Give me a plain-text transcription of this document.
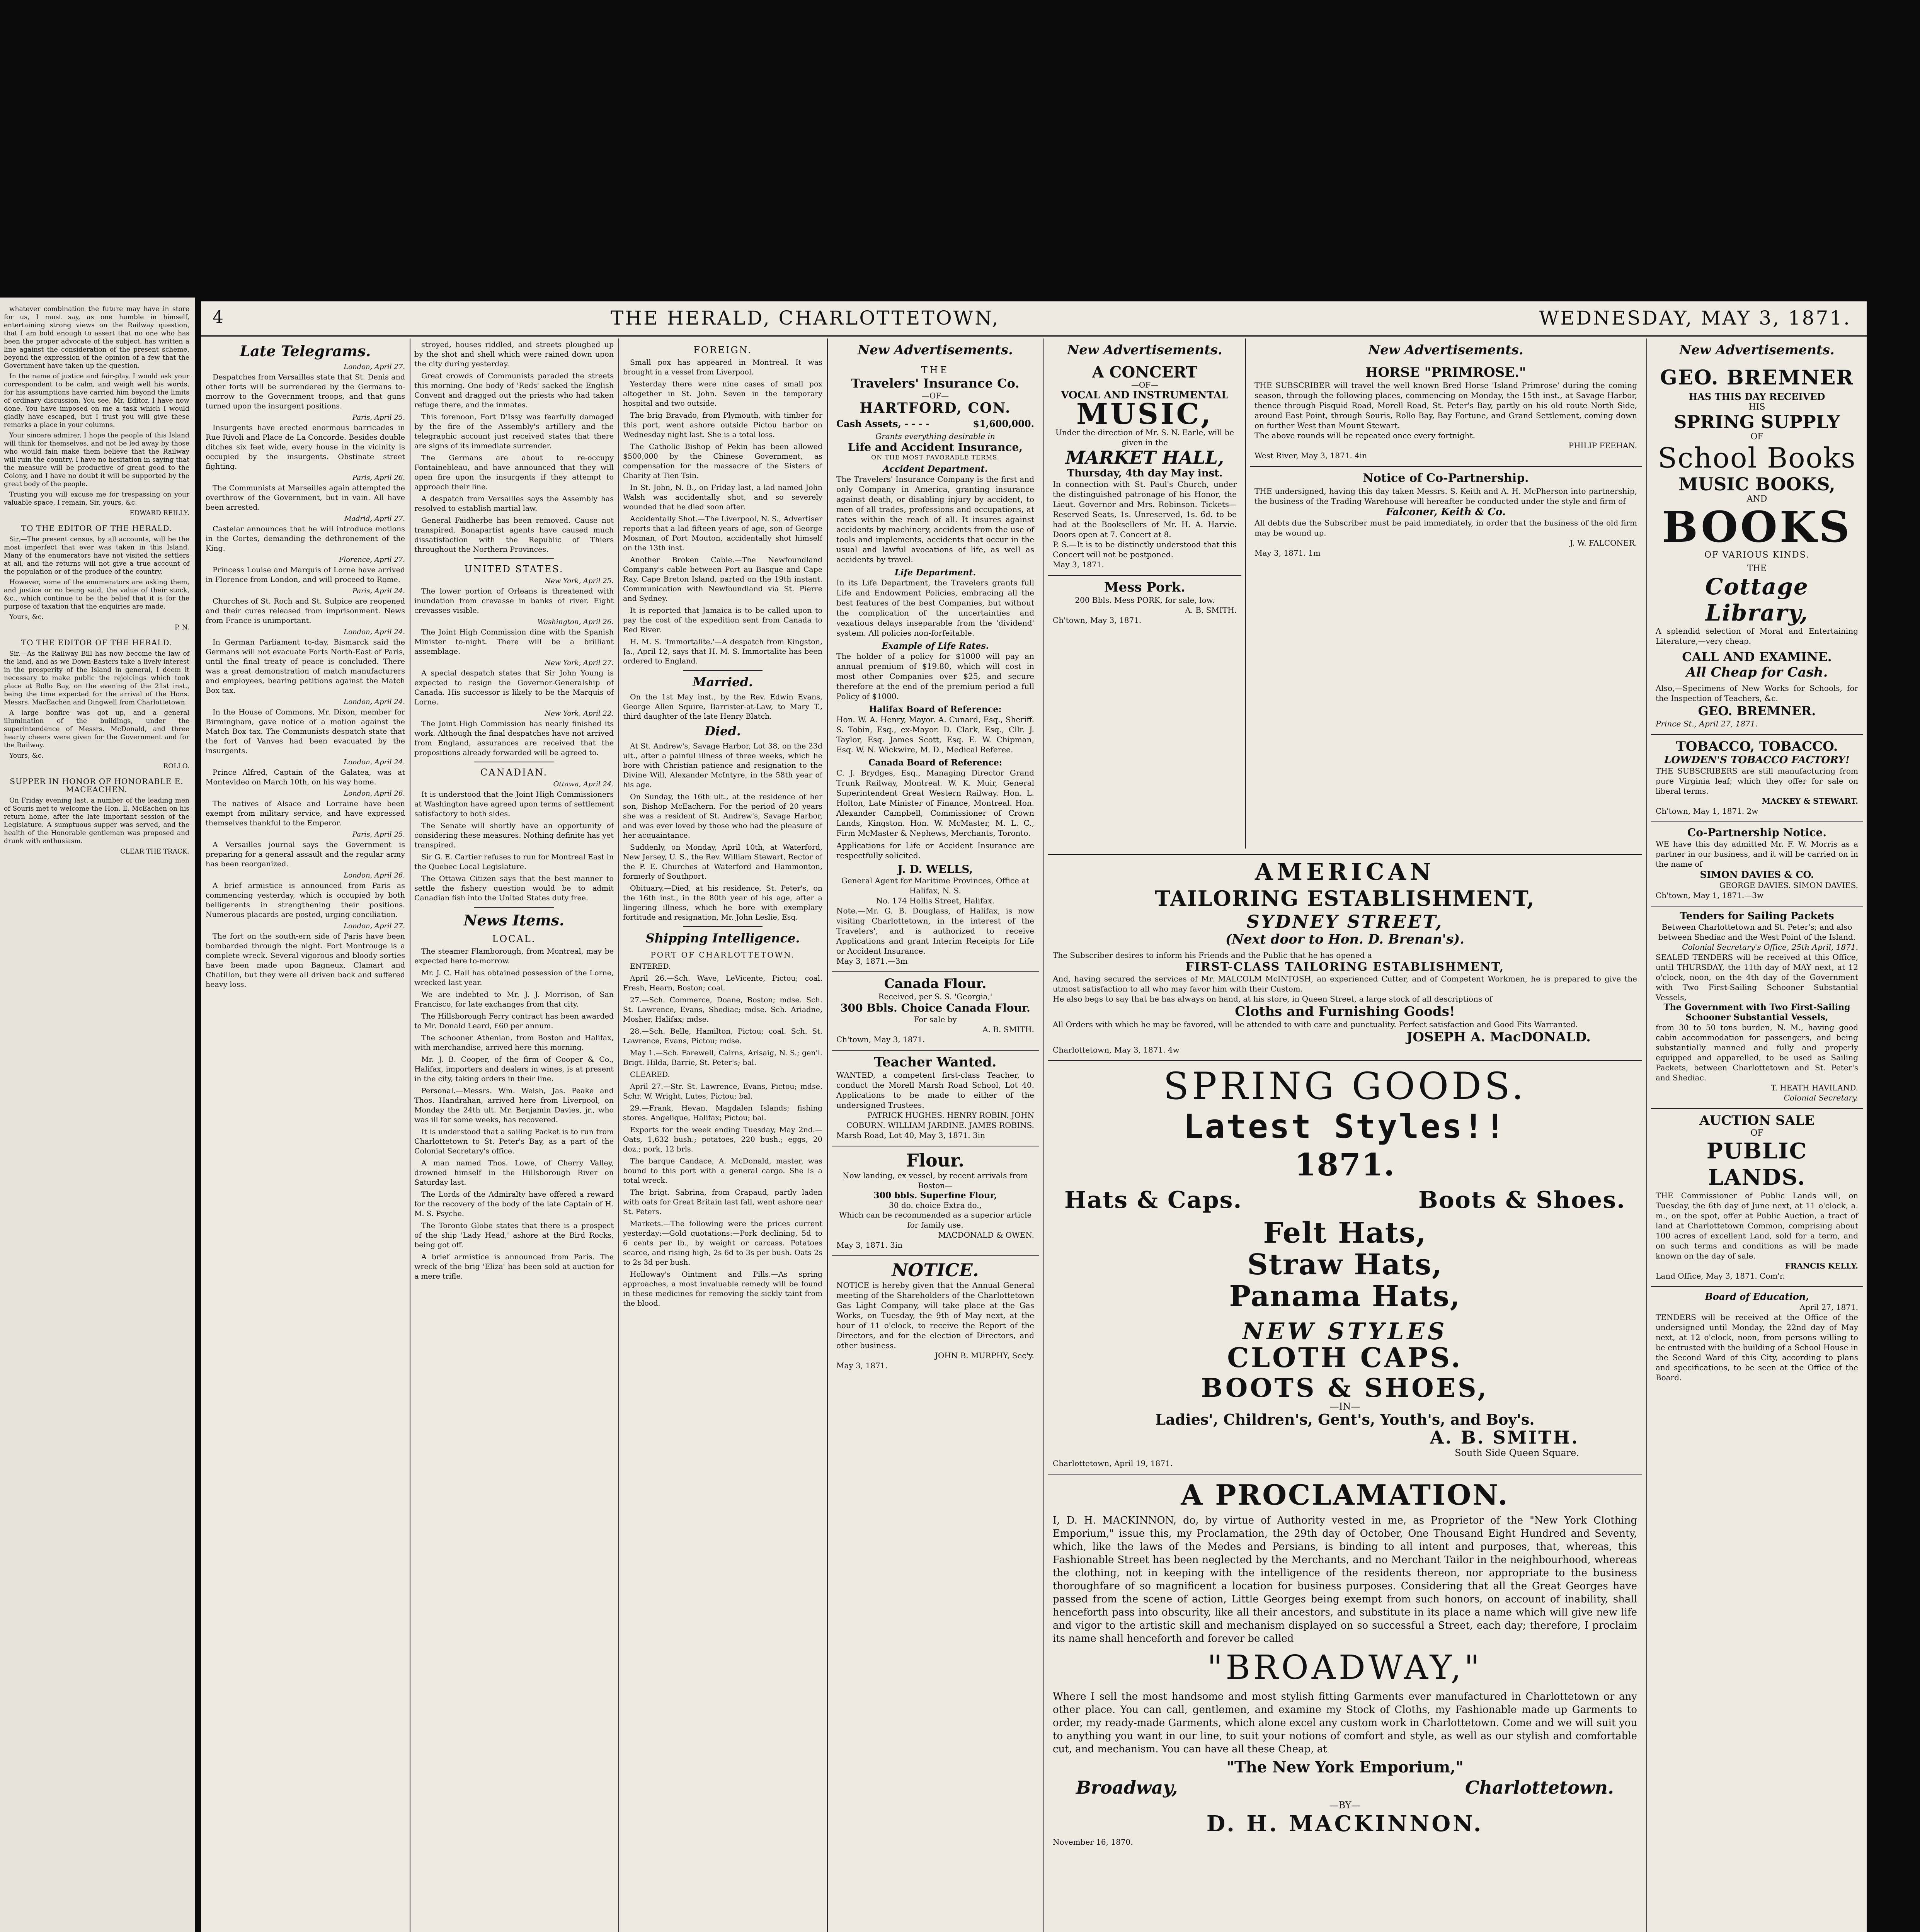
whatever combination the future may have in store for us, I must say, as one humble in himself, entertaining strong views on the Railway question, that I am bold enough to assert that no one who has been the proper advocate of the subject, has written a line against the consideration of the present scheme, beyond the expression of the opinion of a few that the Government have taken up the question.

In the name of justice and fair-play, I would ask your correspondent to be calm, and weigh well his words, for his assumptions have carried him beyond the limits of ordinary discussion. You see, Mr. Editor, I have now done. You have imposed on me a task which I would gladly have escaped, but I trust you will give these remarks a place in your columns.

Your sincere admirer, I hope the people of this Island will think for themselves, and not be led away by those who would fain make them believe that the Railway will ruin the country. I have no hesitation in saying that the measure will be productive of great good to the Colony, and I have no doubt it will be supported by the great body of the people.

Trusting you will excuse me for trespassing on your valuable space, I remain, Sir, yours, &c.

EDWARD REILLY.

TO THE EDITOR OF THE HERALD.

Sir,—The present census, by all accounts, will be the most imperfect that ever was taken in this Island. Many of the enumerators have not visited the settlers at all, and the returns will not give a true account of the population or of the produce of the country.

However, some of the enumerators are asking them, and justice or no being said, the value of their stock, &c., which continue to be the belief that it is for the purpose of taxation that the enquiries are made.

Yours, &c.

P. N.

TO THE EDITOR OF THE HERALD.

Sir,—As the Railway Bill has now become the law of the land, and as we Down-Easters take a lively interest in the prosperity of the Island in general, I deem it necessary to make public the rejoicings which took place at Rollo Bay, on the evening of the 21st inst., being the time expected for the arrival of the Hons. Messrs. MacEachen and Dingwell from Charlottetown.

A large bonfire was got up, and a general illumination of the buildings, under the superintendence of Messrs. McDonald, and three hearty cheers were given for the Government and for the Railway.

Yours, &c.

ROLLO.

SUPPER IN HONOR OF HONORABLE E. MACEACHEN.

On Friday evening last, a number of the leading men of Souris met to welcome the Hon. E. McEachen on his return home, after the late important session of the Legislature. A sumptuous supper was served, and the health of the Honorable gentleman was proposed and drunk with enthusiasm.

CLEAR THE TRACK.

4	THE HERALD, CHARLOTTETOWN,	WEDNESDAY, MAY 3, 1871.
Late Telegrams.
London, April 27.

Despatches from Versailles state that St. Denis and other forts will be surrendered by the Germans to-morrow to the Government troops, and that guns turned upon the insurgent positions.

Paris, April 25.

Insurgents have erected enormous barricades in Rue Rivoli and Place de La Concorde. Besides double ditches six feet wide, every house in the vicinity is occupied by the insurgents. Obstinate street fighting.

Paris, April 26.

The Communists at Marseilles again attempted the overthrow of the Government, but in vain. All have been arrested.

Madrid, April 27.

Castelar announces that he will introduce motions in the Cortes, demanding the dethronement of the King.

Florence, April 27.

Princess Louise and Marquis of Lorne have arrived in Florence from London, and will proceed to Rome.

Paris, April 24.

Churches of St. Roch and St. Sulpice are reopened and their cures released from imprisonment. News from France is unimportant.

London, April 24.

In German Parliament to-day, Bismarck said the Germans will not evacuate Forts North-East of Paris, until the final treaty of peace is concluded. There was a great demonstration of match manufacturers and employees, bearing petitions against the Match Box tax.

London, April 24.

In the House of Commons, Mr. Dixon, member for Birmingham, gave notice of a motion against the Match Box tax. The Communists despatch state that the fort of Vanves had been evacuated by the insurgents.

London, April 24.

Prince Alfred, Captain of the Galatea, was at Montevideo on March 10th, on his way home.

London, April 26.

The natives of Alsace and Lorraine have been exempt from military service, and have expressed themselves thankful to the Emperor.

Paris, April 25.

A Versailles journal says the Government is preparing for a general assault and the regular army has been reorganized.

London, April 26.

A brief armistice is announced from Paris as commencing yesterday, which is occupied by both belligerents in strengthening their positions. Numerous placards are posted, urging conciliation.

London, April 27.

The fort on the south-ern side of Paris have been bombarded through the night. Fort Montrouge is a complete wreck. Several vigorous and bloody sorties have been made upon Bagneux, Clamart and Chatillon, but they were all driven back and suffered heavy loss.

stroyed, houses riddled, and streets ploughed up by the shot and shell which were rained down upon the city during yesterday.

Great crowds of Communists paraded the streets this morning. One body of 'Reds' sacked the English Convent and dragged out the priests who had taken refuge there, and the inmates.

This forenoon, Fort D'Issy was fearfully damaged by the fire of the Assembly's artillery and the telegraphic account just received states that there are signs of its immediate surrender.

The Germans are about to re-occupy Fontainebleau, and have announced that they will open fire upon the insurgents if they attempt to approach their line.

A despatch from Versailles says the Assembly has resolved to establish martial law.

General Faidherbe has been removed. Cause not transpired. Bonapartist agents have caused much dissatisfaction with the Republic of Thiers throughout the Northern Provinces.

UNITED STATES.
New York, April 25.

The lower portion of Orleans is threatened with inundation from crevasse in banks of river. Eight crevasses visible.

Washington, April 26.

The Joint High Commission dine with the Spanish Minister to-night. There will be a brilliant assemblage.

New York, April 27.

A special despatch states that Sir John Young is expected to resign the Governor-Generalship of Canada. His successor is likely to be the Marquis of Lorne.

New York, April 22.

The Joint High Commission has nearly finished its work. Although the final despatches have not arrived from England, assurances are received that the propositions already forwarded will be agreed to.

CANADIAN.
Ottawa, April 24.

It is understood that the Joint High Commissioners at Washington have agreed upon terms of settlement satisfactory to both sides.

The Senate will shortly have an opportunity of considering these measures. Nothing definite has yet transpired.

Sir G. E. Cartier refuses to run for Montreal East in the Quebec Local Legislature.

The Ottawa Citizen says that the best manner to settle the fishery question would be to admit Canadian fish into the United States duty free.

News Items.
LOCAL.

The steamer Flamborough, from Montreal, may be expected here to-morrow.

Mr. J. C. Hall has obtained possession of the Lorne, wrecked last year.

We are indebted to Mr. J. J. Morrison, of San Francisco, for late exchanges from that city.

The Hillsborough Ferry contract has been awarded to Mr. Donald Leard, £60 per annum.

The schooner Athenian, from Boston and Halifax, with merchandise, arrived here this morning.

Mr. J. B. Cooper, of the firm of Cooper & Co., Halifax, importers and dealers in wines, is at present in the city, taking orders in their line.

Personal.—Messrs. Wm. Welsh, Jas. Peake and Thos. Handrahan, arrived here from Liverpool, on Monday the 24th ult. Mr. Benjamin Davies, jr., who was ill for some weeks, has recovered.

It is understood that a sailing Packet is to run from Charlottetown to St. Peter's Bay, as a part of the Colonial Secretary's office.

A man named Thos. Lowe, of Cherry Valley, drowned himself in the Hillsborough River on Saturday last.

The Lords of the Admiralty have offered a reward for the recovery of the body of the late Captain of H. M. S. Psyche.

The Toronto Globe states that there is a prospect of the ship 'Lady Head,' ashore at the Bird Rocks, being got off.

A brief armistice is announced from Paris. The wreck of the brig 'Eliza' has been sold at auction for a mere trifle.

FOREIGN.

Small pox has appeared in Montreal. It was brought in a vessel from Liverpool.

Yesterday there were nine cases of small pox altogether in St. John. Seven in the temporary hospital and two outside.

The brig Bravado, from Plymouth, with timber for this port, went ashore outside Pictou harbor on Wednesday night last. She is a total loss.

The Catholic Bishop of Pekin has been allowed $500,000 by the Chinese Government, as compensation for the massacre of the Sisters of Charity at Tien Tsin.

In St. John, N. B., on Friday last, a lad named John Walsh was accidentally shot, and so severely wounded that he died soon after.

Accidentally Shot.—The Liverpool, N. S., Advertiser reports that a lad fifteen years of age, son of George Mosman, of Port Mouton, accidentally shot himself on the 13th inst.

Another Broken Cable.—The Newfoundland Company's cable between Port au Basque and Cape Ray, Cape Breton Island, parted on the 19th instant. Communication with Newfoundland via St. Pierre and Sydney.

It is reported that Jamaica is to be called upon to pay the cost of the expedition sent from Canada to Red River.

H. M. S. 'Immortalite.'—A despatch from Kingston, Ja., April 12, says that H. M. S. Immortalite has been ordered to England.

Married.

On the 1st May inst., by the Rev. Edwin Evans, George Allen Squire, Barrister-at-Law, to Mary T., third daughter of the late Henry Blatch.

Died.

At St. Andrew's, Savage Harbor, Lot 38, on the 23d ult., after a painful illness of three weeks, which he bore with Christian patience and resignation to the Divine Will, Alexander McIntyre, in the 58th year of his age.

On Sunday, the 16th ult., at the residence of her son, Bishop McEachern. For the period of 20 years she was a resident of St. Andrew's, Savage Harbor, and was ever loved by those who had the pleasure of her acquaintance.

Suddenly, on Monday, April 10th, at Waterford, New Jersey, U. S., the Rev. William Stewart, Rector of the P. E. Churches at Waterford and Hammonton, formerly of Southport.

Obituary.—Died, at his residence, St. Peter's, on the 16th inst., in the 80th year of his age, after a lingering illness, which he bore with exemplary fortitude and resignation, Mr. John Leslie, Esq.

Shipping Intelligence.
PORT OF CHARLOTTETOWN.

ENTERED.

April 26.—Sch. Wave, LeVicente, Pictou; coal. Fresh, Hearn, Boston; coal.

27.—Sch. Commerce, Doane, Boston; mdse. Sch. St. Lawrence, Evans, Shediac; mdse. Sch. Ariadne, Mosher, Halifax; mdse.

28.—Sch. Belle, Hamilton, Pictou; coal. Sch. St. Lawrence, Evans, Pictou; mdse.

May 1.—Sch. Farewell, Cairns, Arisaig, N. S.; gen'l. Brigt. Hilda, Barrie, St. Peter's; bal.

CLEARED.

April 27.—Str. St. Lawrence, Evans, Pictou; mdse. Schr. W. Wright, Lutes, Pictou; bal.

29.—Frank, Hevan, Magdalen Islands; fishing stores. Angelique, Halifax; Pictou; bal.

Exports for the week ending Tuesday, May 2nd.—Oats, 1,632 bush.; potatoes, 220 bush.; eggs, 20 doz.; pork, 12 brls.

The barque Candace, A. McDonald, master, was bound to this port with a general cargo. She is a total wreck.

The brigt. Sabrina, from Crapaud, partly laden with oats for Great Britain last fall, went ashore near St. Peters.

Markets.—The following were the prices current yesterday:—Gold quotations:—Pork declining, 5d to 6 cents per lb., by weight or carcass. Potatoes scarce, and rising high, 2s 6d to 3s per bush. Oats 2s to 2s 3d per bush.

Holloway's Ointment and Pills.—As spring approaches, a most invaluable remedy will be found in these medicines for removing the sickly taint from the blood.

New Advertisements.
THE
Travelers' Insurance Co.
—OF—
HARTFORD, CON.
Cash Assets, - - - -	$1,600,000.
Grants everything desirable in
Life and Accident Insurance,
ON THE MOST FAVORABLE TERMS.
Accident Department.
The Travelers' Insurance Company is the first and only Company in America, granting insurance against death, or disabling injury by accident, to men of all trades, professions and occupations, at rates within the reach of all. It insures against accidents by machinery, accidents from the use of tools and implements, accidents that occur in the usual and lawful avocations of life, as well as accidents by travel.
Life Department.
In its Life Department, the Travelers grants full Life and Endowment Policies, embracing all the best features of the best Companies, but without the complication of the uncertainties and vexatious delays inseparable from the 'dividend' system. All policies non-forfeitable.
Example of Life Rates.
The holder of a policy for $1000 will pay an annual premium of $19.80, which will cost in most other Companies over $25, and secure therefore at the end of the premium period a full Policy of $1000.
Halifax Board of Reference:
Hon. W. A. Henry, Mayor. A. Cunard, Esq., Sheriff. S. Tobin, Esq., ex-Mayor. D. Clark, Esq., Cllr. J. Taylor, Esq. James Scott, Esq. E. W. Chipman, Esq. W. N. Wickwire, M. D., Medical Referee.
Canada Board of Reference:
C. J. Brydges, Esq., Managing Director Grand Trunk Railway, Montreal. W. K. Muir, General Superintendent Great Western Railway. Hon. L. Holton, Late Minister of Finance, Montreal. Hon. Alexander Campbell, Commissioner of Crown Lands, Kingston. Hon. W. McMaster, M. L. C., Firm McMaster & Nephews, Merchants, Toronto.
Applications for Life or Accident Insurance are respectfully solicited.
J. D. WELLS,
General Agent for Maritime Provinces, Office at Halifax, N. S.
No. 174 Hollis Street, Halifax.
Note.—Mr. G. B. Douglass, of Halifax, is now visiting Charlottetown, in the interest of the Travelers', and is authorized to receive Applications and grant Interim Receipts for Life or Accident Insurance.
May 3, 1871.—3m
Canada Flour.
Received, per S. S. 'Georgia,'
300 Bbls. Choice Canada Flour.
For sale by
A. B. SMITH.
Ch'town, May 3, 1871.
Teacher Wanted.
WANTED, a competent first-class Teacher, to conduct the Morell Marsh Road School, Lot 40. Applications to be made to either of the undersigned Trustees.
PATRICK HUGHES. HENRY ROBIN. JOHN COBURN. WILLIAM JARDINE. JAMES ROBINS.
Marsh Road, Lot 40, May 3, 1871. 3in
Flour.
Now landing, ex vessel, by recent arrivals from Boston—
300 bbls. Superfine Flour,
30 do. choice Extra do.,
Which can be recommended as a superior article for family use.
MACDONALD & OWEN.
May 3, 1871. 3in
NOTICE.
NOTICE is hereby given that the Annual General meeting of the Shareholders of the Charlottetown Gas Light Company, will take place at the Gas Works, on Tuesday, the 9th of May next, at the hour of 11 o'clock, to receive the Report of the Directors, and for the election of Directors, and other business.
JOHN B. MURPHY, Sec'y.
May 3, 1871.
New Advertisements.
A CONCERT
—OF—
VOCAL AND INSTRUMENTAL
MUSIC,
Under the direction of Mr. S. N. Earle, will be given in the
MARKET HALL,
Thursday, 4th day May inst.
In connection with St. Paul's Church, under the distinguished patronage of his Honor, the Lieut. Governor and Mrs. Robinson. Tickets—Reserved Seats, 1s. Unreserved, 1s. 6d. to be had at the Booksellers of Mr. H. A. Harvie. Doors open at 7. Concert at 8.
P. S.—It is to be distinctly understood that this Concert will not be postponed.
May 3, 1871.
Mess Pork.
200 Bbls. Mess PORK, for sale, low.
A. B. SMITH.
Ch'town, May 3, 1871.
New Advertisements.
HORSE "PRIMROSE."
THE SUBSCRIBER will travel the well known Bred Horse 'Island Primrose' during the coming season, through the following places, commencing on Monday, the 15th inst., at Savage Harbor, thence through Pisquid Road, Morell Road, St. Peter's Bay, partly on his old route North Side, around East Point, through Souris, Rollo Bay, Bay Fortune, and Grand Settlement, coming down on further West than Mount Stewart.
The above rounds will be repeated once every fortnight.
PHILIP FEEHAN.
West River, May 3, 1871. 4in
Notice of Co-Partnership.
THE undersigned, having this day taken Messrs. S. Keith and A. H. McPherson into partnership, the business of the Trading Warehouse will hereafter be conducted under the style and firm of
Falconer, Keith & Co.
All debts due the Subscriber must be paid immediately, in order that the business of the old firm may be wound up.
J. W. FALCONER.
May 3, 1871. 1m
AMERICAN
TAILORING ESTABLISHMENT,
SYDNEY STREET,
(Next door to Hon. D. Brenan's).
The Subscriber desires to inform his Friends and the Public that he has opened a
FIRST-CLASS TAILORING ESTABLISHMENT,
And, having secured the services of Mr. MALCOLM McINTOSH, an experienced Cutter, and of Competent Workmen, he is prepared to give the utmost satisfaction to all who may favor him with their Custom.
He also begs to say that he has always on hand, at his store, in Queen Street, a large stock of all descriptions of
Cloths and Furnishing Goods!
All Orders with which he may be favored, will be attended to with care and punctuality. Perfect satisfaction and Good Fits Warranted.
JOSEPH A. MacDONALD.
Charlottetown, May 3, 1871. 4w
SPRING GOODS.
Latest Styles!!
1871.
Hats & Caps.	Boots & Shoes.
Felt Hats,
Straw Hats,
Panama Hats,
NEW STYLES
CLOTH CAPS.
BOOTS & SHOES,
—IN—
Ladies', Children's, Gent's, Youth's, and Boy's.
A. B. SMITH.
South Side Queen Square.
Charlottetown, April 19, 1871.
A PROCLAMATION.
I, D. H. MACKINNON, do, by virtue of Authority vested in me, as Proprietor of the "New York Clothing Emporium," issue this, my Proclamation, the 29th day of October, One Thousand Eight Hundred and Seventy, which, like the laws of the Medes and Persians, is binding to all intent and purposes, that, whereas, this Fashionable Street has been neglected by the Merchants, and no Merchant Tailor in the neighbourhood, whereas the clothing, not in keeping with the intelligence of the residents thereon, nor appropriate to the business thoroughfare of so magnificent a location for business purposes. Considering that all the Great Georges have passed from the scene of action, Little Georges being exempt from such honors, on account of inability, shall henceforth pass into obscurity, like all their ancestors, and substitute in its place a name which will give new life and vigor to the artistic skill and mechanism displayed on so successful a Street, each day; therefore, I proclaim its name shall henceforth and forever be called
"BROADWAY,"
Where I sell the most handsome and most stylish fitting Garments ever manufactured in Charlottetown or any other place. You can call, gentlemen, and examine my Stock of Cloths, my Fashionable made up Garments to order, my ready-made Garments, which alone excel any custom work in Charlottetown. Come and we will suit you to anything you want in our line, to suit your notions of comfort and style, as well as our stylish and comfortable cut, and mechanism. You can have all these Cheap, at
"The New York Emporium,"
Broadway,	Charlottetown.
—BY—
D. H. MACKINNON.
November 16, 1870.
New Advertisements.
GEO. BREMNER
HAS THIS DAY RECEIVED
HIS
SPRING SUPPLY
OF
School Books
MUSIC BOOKS,
AND
BOOKS
OF VARIOUS KINDS.
THE
Cottage Library,
A splendid selection of Moral and Entertaining Literature,—very cheap.
CALL AND EXAMINE.
All Cheap for Cash.
Also,—Specimens of New Works for Schools, for the Inspection of Teachers, &c.
GEO. BREMNER.
Prince St., April 27, 1871.
TOBACCO, TOBACCO.
LOWDEN'S TOBACCO FACTORY!
THE SUBSCRIBERS are still manufacturing from pure Virginia leaf; which they offer for sale on liberal terms.
MACKEY & STEWART.
Ch'town, May 1, 1871. 2w
Co-Partnership Notice.
WE have this day admitted Mr. F. W. Morris as a partner in our business, and it will be carried on in the name of
SIMON DAVIES & CO.
GEORGE DAVIES. SIMON DAVIES.
Ch'town, May 1, 1871.—3w
Tenders for Sailing Packets
Between Charlottetown and St. Peter's; and also between Shediac and the West Point of the Island.
Colonial Secretary's Office, 25th April, 1871.
SEALED TENDERS will be received at this Office, until THURSDAY, the 11th day of MAY next, at 12 o'clock, noon, on the 4th day of the Government with Two First-Sailing Schooner Substantial Vessels,
The Government with Two First-Sailing Schooner Substantial Vessels,
from 30 to 50 tons burden, N. M., having good cabin accommodation for passengers, and being substantially manned and fully and properly equipped and apparelled, to be used as Sailing Packets, between Charlottetown and St. Peter's and Shediac.
T. HEATH HAVILAND.
Colonial Secretary.
AUCTION SALE
OF
PUBLIC LANDS.
THE Commissioner of Public Lands will, on Tuesday, the 6th day of June next, at 11 o'clock, a. m., on the spot, offer at Public Auction, a tract of land at Charlottetown Common, comprising about 100 acres of excellent Land, sold for a term, and on such terms and conditions as will be made known on the day of sale.
FRANCIS KELLY.
Land Office, May 3, 1871. Com'r.
Board of Education,
April 27, 1871.
TENDERS will be received at the Office of the undersigned until Monday, the 22nd day of May next, at 12 o'clock, noon, from persons willing to be entrusted with the building of a School House in the Second Ward of this City, according to plans and specifications, to be seen at the Office of the Board.
